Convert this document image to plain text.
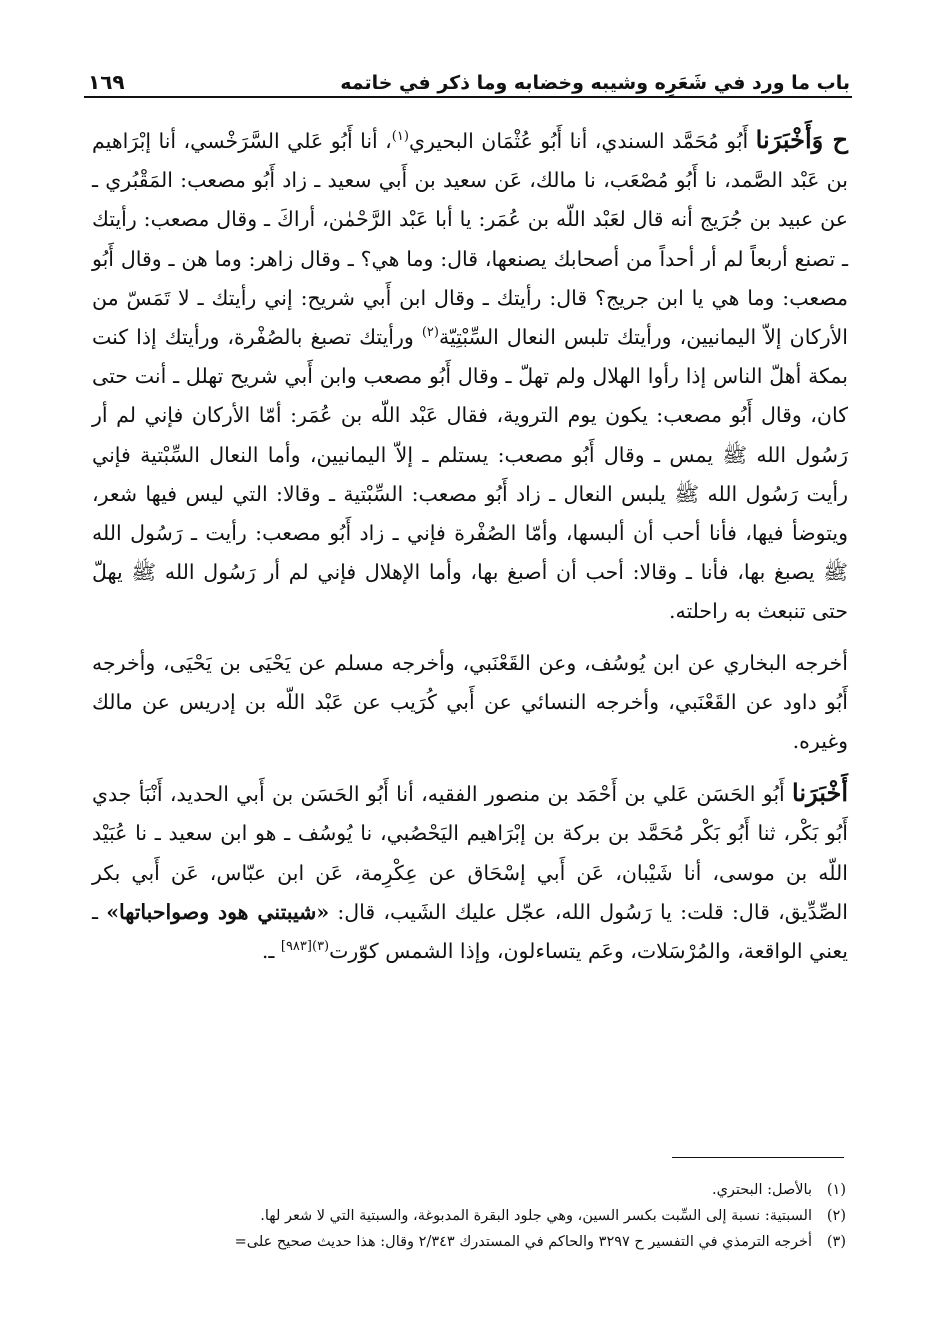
باب ما ورد في شَعَرِه وشيبه وخضابه وما ذكر في خاتمه
١٦٩

ح وَأَخْبَرَنا أَبُو مُحَمَّد السندي، أنا أَبُو عُثْمَان البحيري$^{(١)}$، أنا أَبُو عَلي السَّرَخْسي، أنا إبْرَاهيم بن عَبْد الصَّمد، نا أَبُو مُصْعَب، نا مالك، عَن سعيد بن أَبي سعيد ـ زاد أَبُو مصعب: المَقْبُري ـ عن عبيد بن جُرَيج أنه قال لعَبْد اللّه بن عُمَر: يا أبا عَبْد الرَّحْمٰن، أراكَ ـ وقال مصعب: رأيتك ـ تصنع أربعاً لم أر أحداً من أصحابك يصنعها، قال: وما هي؟ ـ وقال زاهر: وما هن ـ وقال أَبُو مصعب: وما هي يا ابن جريج؟ قال: رأيتك ـ وقال ابن أَبي شريح: إني رأيتك ـ لا تَمَسّ من الأركان إلاّ اليمانيين، ورأيتك تلبس النعال السِّبْتِيّة$^{(٢)}$ ورأيتك تصبغ بالصُفْرة، ورأيتك إذا كنت بمكة أهلّ الناس إذا رأوا الهلال ولم تهلّ ـ وقال أَبُو مصعب وابن أَبي شريح تهلل ـ أنت حتى كان، وقال أَبُو مصعب: يكون يوم التروية، فقال عَبْد اللّه بن عُمَر: أمّا الأركان فإني لم أر رَسُول الله ﷺ يمس ـ وقال أَبُو مصعب: يستلم ـ إلاّ اليمانيين، وأما النعال السِّبْتية فإني رأيت رَسُول الله ﷺ يلبس النعال ـ زاد أَبُو مصعب: السِّبْتية ـ وقالا: التي ليس فيها شعر، ويتوضأ فيها، فأنا أحب أن ألبسها، وأمّا الصُفْرة فإني ـ زاد أَبُو مصعب: رأيت ـ رَسُول الله ﷺ يصبغ بها، فأنا ـ وقالا: أحب أن أصبغ بها، وأما الإهلال فإني لم أر رَسُول الله ﷺ يهلّ حتى تنبعث به راحلته.

أخرجه البخاري عن ابن يُوسُف، وعن القَعْنَبي، وأخرجه مسلم عن يَحْيَى بن يَحْيَى، وأخرجه أَبُو داود عن القَعْنَبي، وأخرجه النسائي عن أَبي كُرَيب عن عَبْد اللّه بن إدريس عن مالك وغيره.

أَخْبَرَنا أَبُو الحَسَن عَلي بن أَحْمَد بن منصور الفقيه، أنا أَبُو الحَسَن بن أَبي الحديد، أَنْبَأ جدي أَبُو بَكْر، ثنا أَبُو بَكْر مُحَمَّد بن بركة بن إبْرَاهيم اليَحْصُبي، نا يُوسُف ـ هو ابن سعيد ـ نا عُبَيْد اللّه بن موسى، أنا شَيْبان، عَن أَبي إسْحَاق عن عِكْرِمة، عَن ابن عبّاس، عَن أَبي بكر الصِّدِّيق، قال: قلت: يا رَسُول الله، عجّل عليك الشَيب، قال: «شيبتني هود وصواحباتها» ـ يعني الواقعة، والمُرْسَلات، وعَم يتساءلون، وإذا الشمس كوّرت$^{(٣)[٩٨٣]}$ ـ.

(١)بالأصل: البحتري.

(٢)السبتية: نسبة إلى السِّبت بكسر السين، وهي جلود البقرة المدبوغة، والسبتية التي لا شعر لها.

(٣)أخرجه الترمذي في التفسير ح ٣٢٩٧ والحاكم في المستدرك ٢/٣٤٣ وقال: هذا حديث صحيح على=
